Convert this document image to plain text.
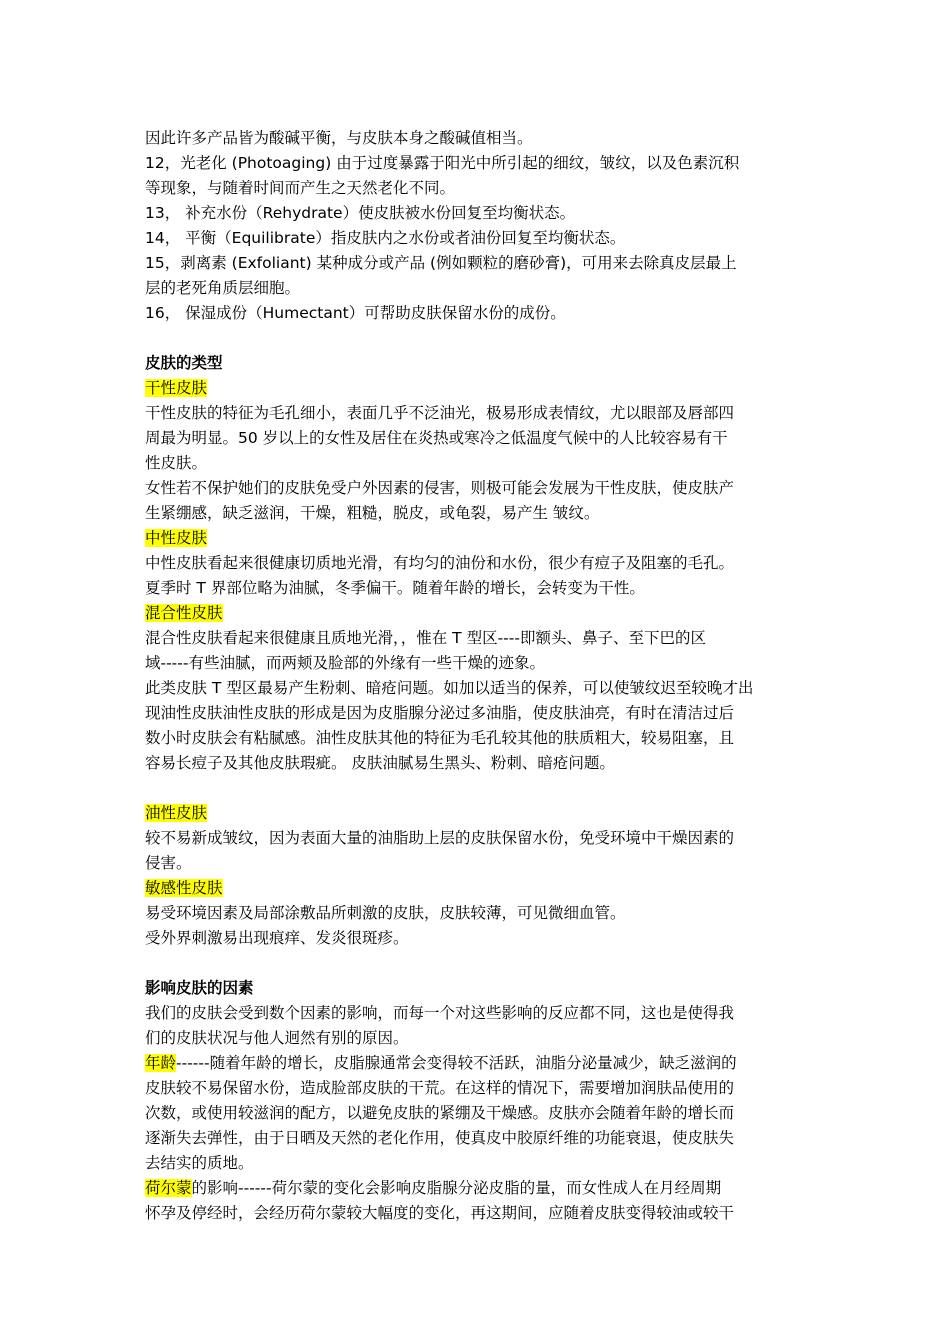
因此许多产品皆为酸碱平衡，与皮肤本身之酸碱值相当。
12，光老化 (Photoaging) 由于过度暴露于阳光中所引起的细纹，皱纹，以及色素沉积
等现象，与随着时间而产生之天然老化不同。
13， 补充水份（Rehydrate）使皮肤被水份回复至均衡状态。
14， 平衡（Equilibrate）指皮肤内之水份或者油份回复至均衡状态。
15，剥离素 (Exfoliant) 某种成分或产品 (例如颗粒的磨砂膏)，可用来去除真皮层最上
层的老死角质层细胞。
16， 保湿成份（Humectant）可帮助皮肤保留水份的成份。
皮肤的类型
干性皮肤
干性皮肤的特征为毛孔细小，表面几乎不泛油光，极易形成表情纹，尤以眼部及唇部四
周最为明显。50 岁以上的女性及居住在炎热或寒冷之低温度气候中的人比较容易有干
性皮肤。
女性若不保护她们的皮肤免受户外因素的侵害，则极可能会发展为干性皮肤，使皮肤产
生紧绷感，缺乏滋润，干燥，粗糙，脱皮，或龟裂，易产生 皱纹。
中性皮肤
中性皮肤看起来很健康切质地光滑，有均匀的油份和水份，很少有痘子及阻塞的毛孔。
夏季时 T 界部位略为油腻，冬季偏干。随着年龄的增长，会转变为干性。
混合性皮肤
混合性皮肤看起来很健康且质地光滑，，惟在 T 型区----即额头、鼻子、至下巴的区
域-----有些油腻，而两颊及脸部的外缘有一些干燥的迹象。
此类皮肤 T 型区最易产生粉刺、暗疮问题。如加以适当的保养，可以使皱纹迟至较晚才出
现油性皮肤油性皮肤的形成是因为皮脂腺分泌过多油脂，使皮肤油亮，有时在清洁过后
数小时皮肤会有粘腻感。油性皮肤其他的特征为毛孔较其他的肤质粗大，较易阻塞，且
容易长痘子及其他皮肤瑕疵。 皮肤油腻易生黑头、粉刺、暗疮问题。
油性皮肤
较不易新成皱纹，因为表面大量的油脂助上层的皮肤保留水份，免受环境中干燥因素的
侵害。
敏感性皮肤
易受环境因素及局部涂敷品所刺激的皮肤，皮肤较薄，可见微细血管。
受外界刺激易出现痕痒、发炎很斑疹。
影响皮肤的因素
我们的皮肤会受到数个因素的影响，而每一个对这些影响的反应都不同，这也是使得我
们的皮肤状况与他人迥然有别的原因。
年龄------随着年龄的增长，皮脂腺通常会变得较不活跃，油脂分泌量减少，缺乏滋润的
皮肤较不易保留水份，造成脸部皮肤的干荒。在这样的情况下，需要增加润肤品使用的
次数，或使用较滋润的配方，以避免皮肤的紧绷及干燥感。皮肤亦会随着年龄的增长而
逐渐失去弹性，由于日晒及天然的老化作用，使真皮中胶原纤维的功能衰退，使皮肤失
去结实的质地。
荷尔蒙的影响------荷尔蒙的变化会影响皮脂腺分泌皮脂的量，而女性成人在月经周期
怀孕及停经时，会经历荷尔蒙较大幅度的变化，再这期间，应随着皮肤变得较油或较干
